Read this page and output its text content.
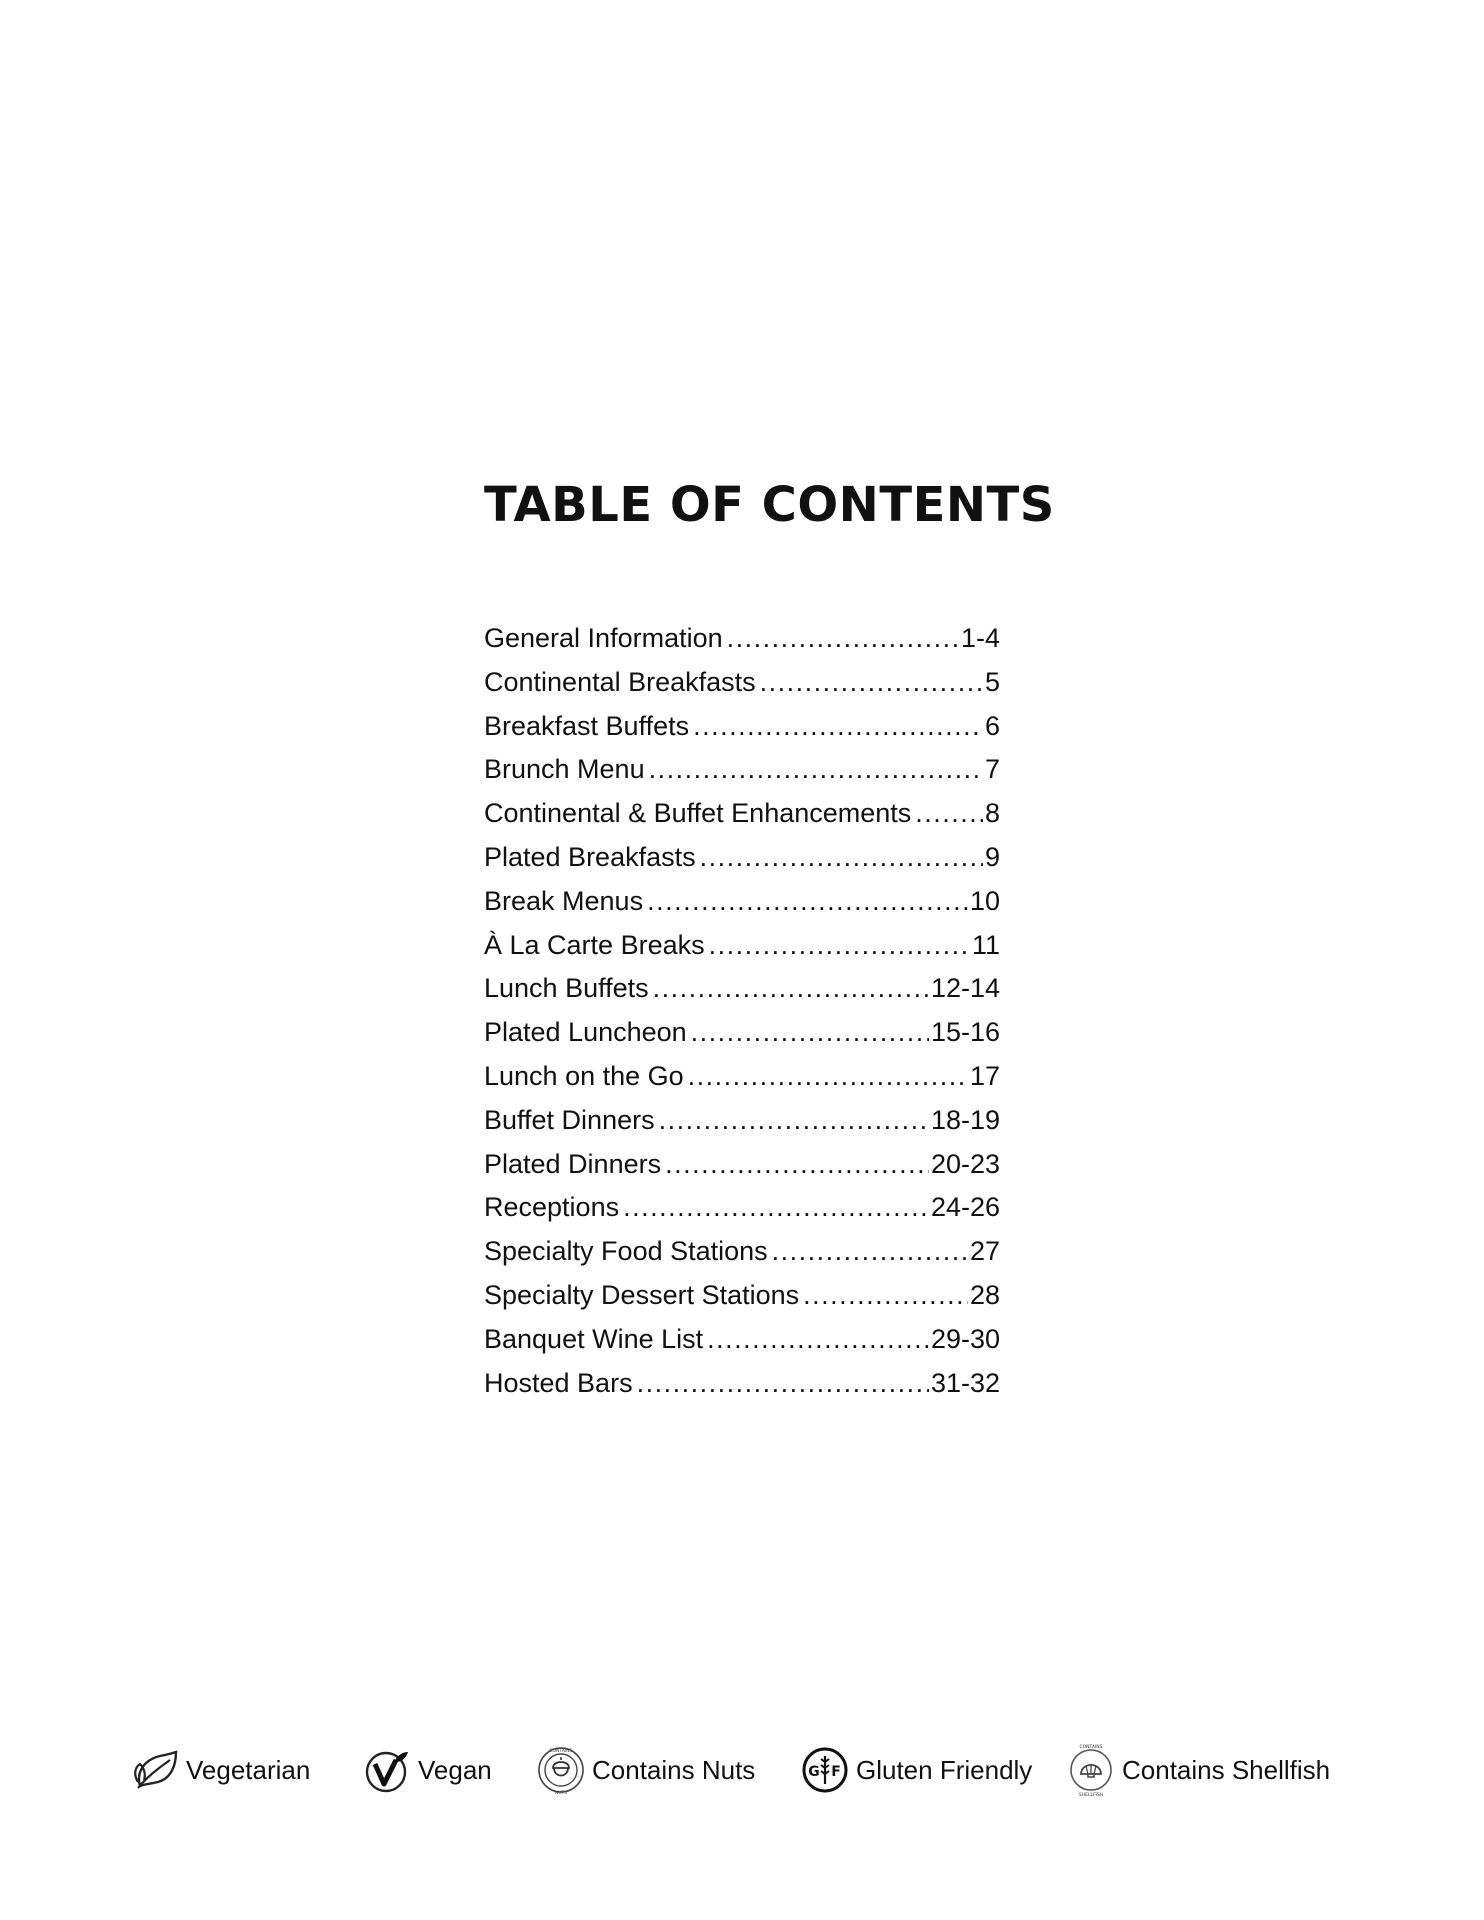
TABLE OF CONTENTS
General Information .....	1-4
Continental Breakfasts .....	5
Breakfast Buffets .....	6
Brunch Menu .....	7
Continental & Buffet Enhancements .....	8
Plated Breakfasts .....	9
Break Menus .....	10
À La Carte Breaks .....	11
Lunch Buffets .....	12-14
Plated Luncheon .....	15-16
Lunch on the Go .....	17
Buffet Dinners .....	18-19
Plated Dinners .....	20-23
Receptions .....	24-26
Specialty Food Stations .....	27
Specialty Dessert Stations .....	28
Banquet Wine List .....	29-30
Hosted Bars .....	31-32
Vegetarian	Vegan
CONTAINS
NUTS
Contains Nuts	G F Gluten Friendly
CONTAINS
SHELLFISH
Contains Shellfish
